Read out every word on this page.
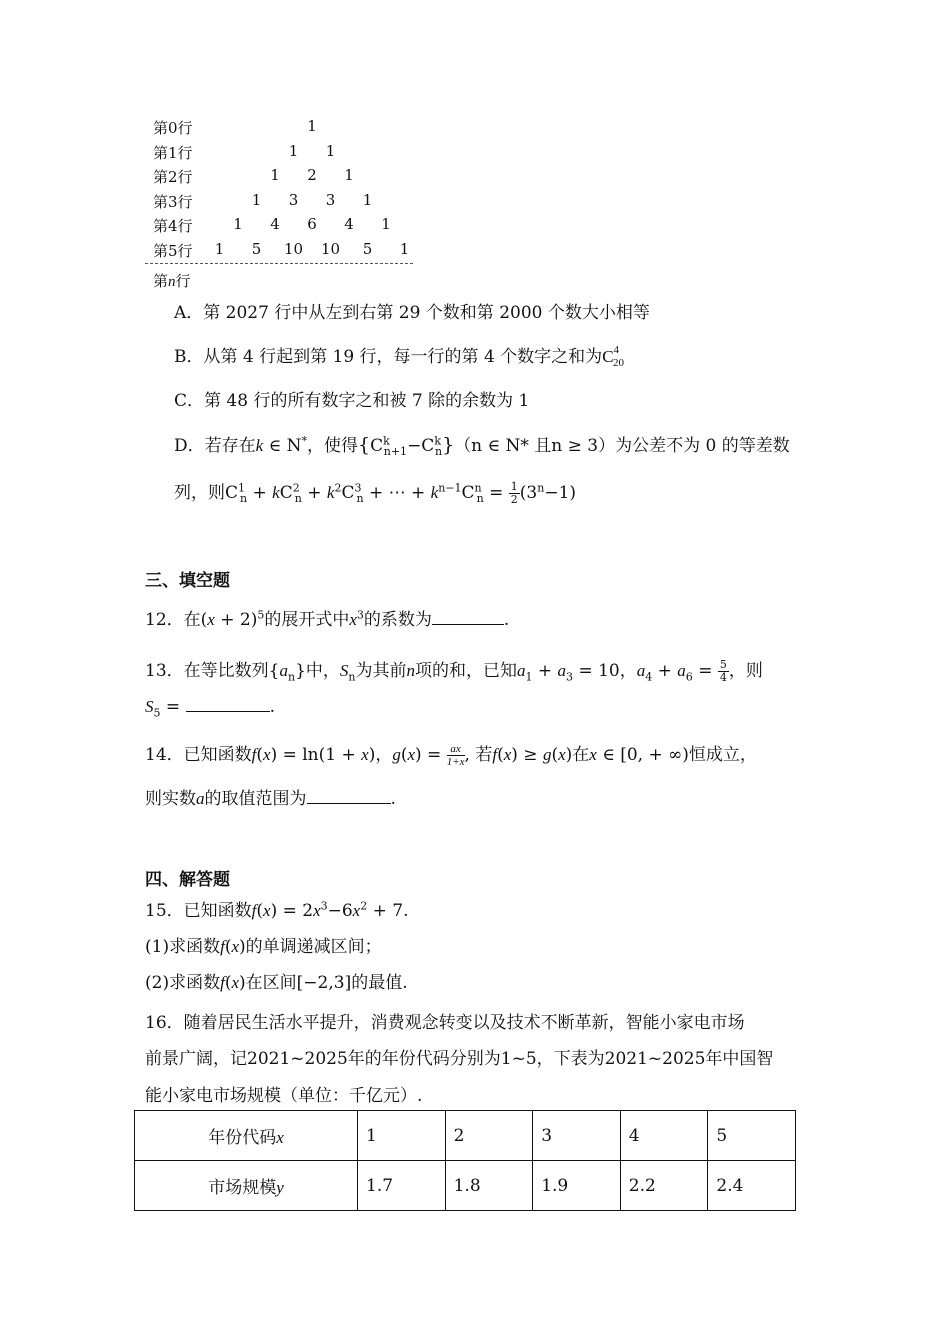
第0行	1
第1行	1	1
第2行	1	2	1
第3行	1	3	3	1
第4行	1	4	6	4	1
第5行	1	5	10	10	5	1
第n行
A．第 2027 行中从左到右第 29 个数和第 2000 个数大小相等
B．从第 4 行起到第 19 行，每一行的第 4 个数字之和为$C^4_{20}$
C．第 48 行的所有数字之和被 7 除的余数为 1
D．若存在k ∈ N*，使得$\{C^k_{n+1}-C^k_n\}(n$ ∈ N* 且n ≥ 3）为公差不为 0 的等差数
列，则$C^1_n + kC^2_n + k^2C^3_n$ + ⋯ + $k^{n-1}C^n_n = \frac{1}{2} (3^n-1)$
三、填空题
12．在$(x + 2)^5$的展开式中$x^3$的系数为	.
13．在等比数列$\{a_n\}$中，$S_n$为其前n项的和，已知$a_1 + a_3 = 10$，$a_4 + a_6 = \frac{5}{4}$ ，则
$S_5$ =	.
14．已知函数f(x) = ln(1 + x)，$g(x) = \frac{ax}{1+x}$ , 若f(x) ≥ g(x)在x ∈ [0, + ∞)恒成立，
则实数a的取值范围为	.
四、解答题
15．已知函数$f(x) = 2x^3-6x^2 + 7$.
(1)求函数f(x)的单调递减区间；
(2)求函数f(x)在区间[−2,3]的最值.
16．随着居民生活水平提升，消费观念转变以及技术不断革新，智能小家电市场
前景广阔，记2021~2025年的年份代码分别为1~5，下表为2021~2025年中国智
能小家电市场规模（单位：千亿元）.
年份代码x	1	2	3	4	5
市场规模y	1.7	1.8	1.9	2.2	2.4
